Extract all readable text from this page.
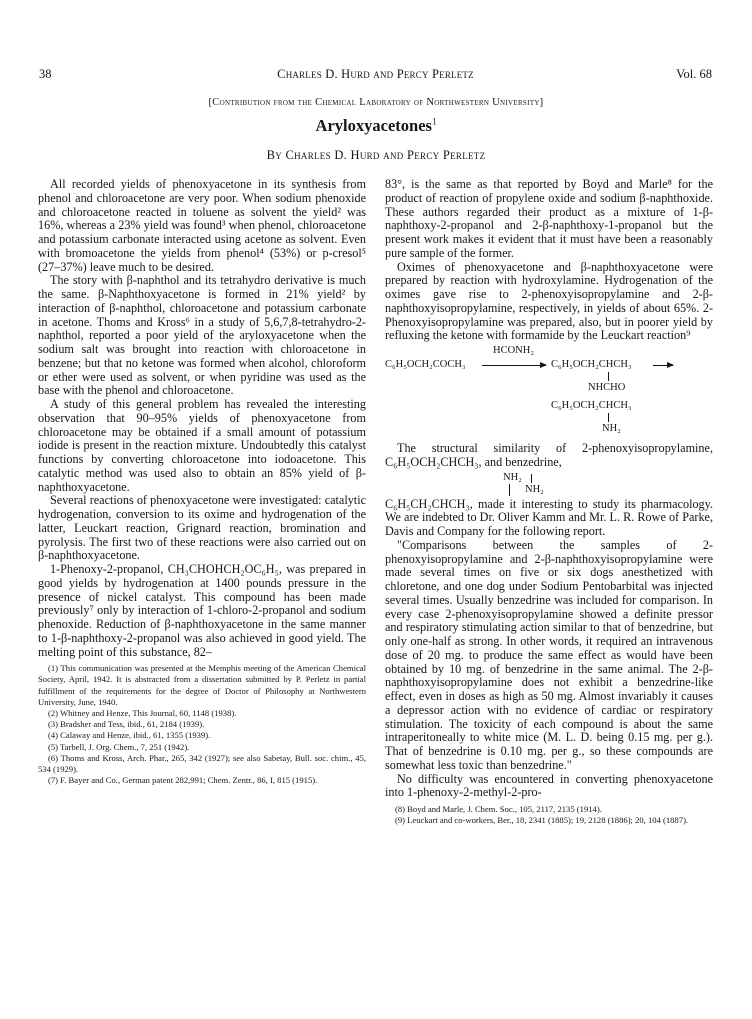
38	Charles D. Hurd and Percy Perletz	Vol. 68
[Contribution from the Chemical Laboratory of Northwestern University]
Aryloxyacetones$^1$
By Charles D. Hurd and Percy Perletz

All recorded yields of phenoxyacetone in its synthesis from phenol and chloroacetone are very poor. When sodium phenoxide and chloroacetone reacted in toluene as solvent the yield² was 16%, whereas a 23% yield was found³ when phenol, chloroacetone and potassium carbonate interacted using acetone as solvent. Even with bromoacetone the yields from phenol⁴ (53%) or p-cresol⁵ (27–37%) leave much to be desired.

The story with β-naphthol and its tetrahydro derivative is much the same. β-Naphthoxyacetone is formed in 21% yield² by interaction of β-naphthol, chloroacetone and potassium carbonate in acetone. Thoms and Kross⁶ in a study of 5,6,7,8-tetrahydro-2-naphthol, reported a poor yield of the aryloxyacetone when the sodium salt was brought into reaction with chloroacetone in benzene; but that no ketone was formed when alcohol, chloroform or ether were used as solvent, or when pyridine was used as the base with the phenol and chloroacetone.

A study of this general problem has revealed the interesting observation that 90–95% yields of phenoxyacetone from chloroacetone may be obtained if a small amount of potassium iodide is present in the reaction mixture. Undoubtedly this catalyst functions by converting chloroacetone into iodoacetone. This catalytic method was used also to obtain an 85% yield of β-naphthoxyacetone.

Several reactions of phenoxyacetone were investigated: catalytic hydrogenation, conversion to its oxime and hydrogenation of the latter, Leuckart reaction, Grignard reaction, bromination and pyrolysis. The first two of these reactions were also carried out on β-naphthoxyacetone.

1-Phenoxy-2-propanol, CH₃CHOHCH₂OC₆H₅, was prepared in good yields by hydrogenation at 1400 pounds pressure in the presence of nickel catalyst. This compound has been made previously⁷ only by interaction of 1-chloro-2-propanol and sodium phenoxide. Reduction of β-naphthoxyacetone in the same manner to 1-β-naphthoxy-2-propanol was also achieved in good yield. The melting point of this substance, 82–

(1) This communication was presented at the Memphis meeting of the American Chemical Society, April, 1942. It is abstracted from a dissertation submitted by P. Perletz in partial fulfillment of the requirements for the degree of Doctor of Philosophy at Northwestern University, June, 1940.
(2) Whitney and Henze, This Journal, 60, 1148 (1938).
(3) Bradsher and Tess, ibid., 61, 2184 (1939).
(4) Calaway and Henze, ibid., 61, 1355 (1939).
(5) Tarbell, J. Org. Chem., 7, 251 (1942).
(6) Thoms and Kross, Arch. Phar., 265, 342 (1927); see also Sabetay, Bull. soc. chim., 45, 534 (1929).
(7) F. Bayer and Co., German patent 282,991; Chem. Zentr., 86, I, 815 (1915).

83°, is the same as that reported by Boyd and Marle⁸ for the product of reaction of propylene oxide and sodium β-naphthoxide. These authors regarded their product as a mixture of 1-β-naphthoxy-2-propanol and 2-β-naphthoxy-1-propanol but the present work makes it evident that it must have been a reasonably pure sample of the former.

Oximes of phenoxyacetone and β-naphthoxyacetone were prepared by reaction with hydroxylamine. Hydrogenation of the oximes gave rise to 2-phenoxyisopropylamine and 2-β-naphthoxyisopropylamine, respectively, in yields of about 65%. 2-Phenoxyisopropylamine was prepared, also, but in poorer yield by refluxing the ketone with formamide by the Leuckart reaction⁹

HCONH₂
C₆H₅OCH₂COCH₃	C₆H₅OCH₂CHCH₃
NHCHO
C₆H₅OCH₂CHCH₃
NH₂

The structural similarity of 2-phenoxyisopropylamine, C₆H₅OCH₂CHCH₃, and benzedrine,

NH₂
NH₂

C₆H₅CH₂CHCH₃, made it interesting to study its pharmacology. We are indebted to Dr. Oliver Kamm and Mr. L. R. Rowe of Parke, Davis and Company for the following report.

"Comparisons between the samples of 2-phenoxyisopropylamine and 2-β-naphthoxyisopropylamine were made several times on five or six dogs anesthetized with chloretone, and one dog under Sodium Pentobarbital was injected several times. Usually benzedrine was included for comparison. In every case 2-phenoxyisopropylamine showed a definite pressor and respiratory stimulating action similar to that of benzedrine, but only one-half as strong. In other words, it required an intravenous dose of 20 mg. to produce the same effect as would have been obtained by 10 mg. of benzedrine in the same animal. The 2-β-naphthoxyisopropylamine does not exhibit a benzedrine-like effect, even in doses as high as 50 mg. Almost invariably it causes a depressor action with no evidence of cardiac or respiratory stimulation. The toxicity of each compound is about the same intraperitoneally to white mice (M. L. D. being 0.15 mg. per g.). That of benzedrine is 0.10 mg. per g., so these compounds are somewhat less toxic than benzedrine."

No difficulty was encountered in converting phenoxyacetone into 1-phenoxy-2-methyl-2-pro-

(8) Boyd and Marle, J. Chem. Soc., 105, 2117, 2135 (1914).
(9) Leuckart and co-workers, Ber., 18, 2341 (1885); 19, 2128 (1886); 20, 104 (1887).
